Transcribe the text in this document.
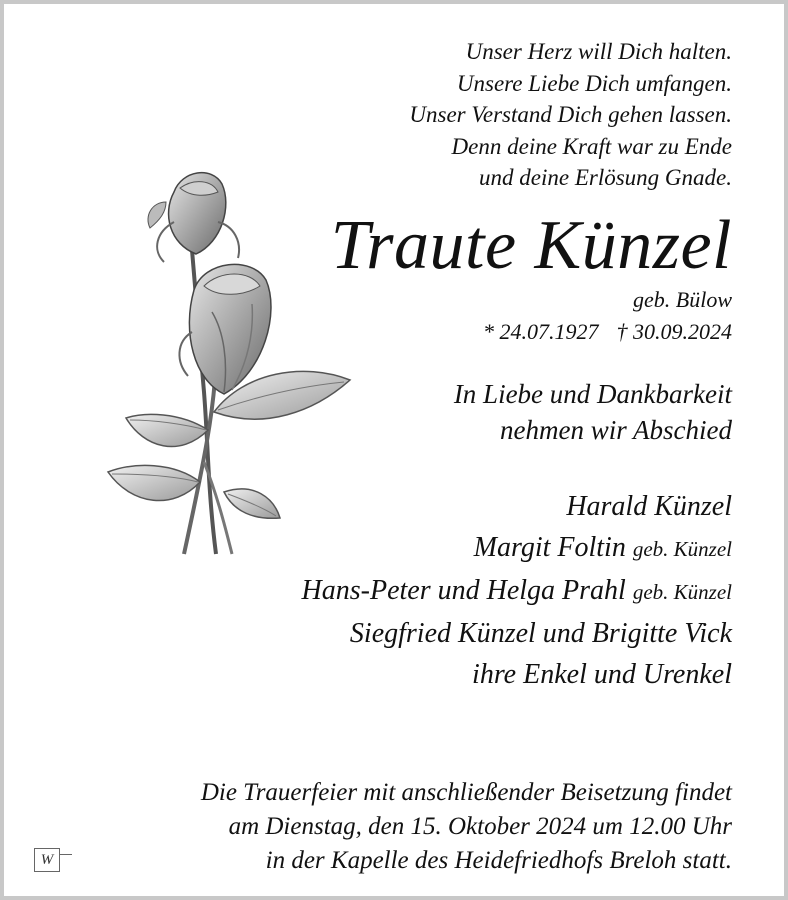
Unser Herz will Dich halten.
Unsere Liebe Dich umfangen.
Unser Verstand Dich gehen lassen.
Denn deine Kraft war zu Ende
und deine Erlösung Gnade.
Traute Künzel
geb. Bülow
* 24.07.1927 † 30.09.2024
In Liebe und Dankbarkeit
nehmen wir Abschied
Harald Künzel
Margit Foltin geb. Künzel
Hans-Peter und Helga Prahl geb. Künzel
Siegfried Künzel und Brigitte Vick
ihre Enkel und Urenkel
Die Trauerfeier mit anschließender Beisetzung findet
am Dienstag, den 15. Oktober 2024 um 12.00 Uhr
in der Kapelle des Heidefriedhofs Breloh statt.
W
